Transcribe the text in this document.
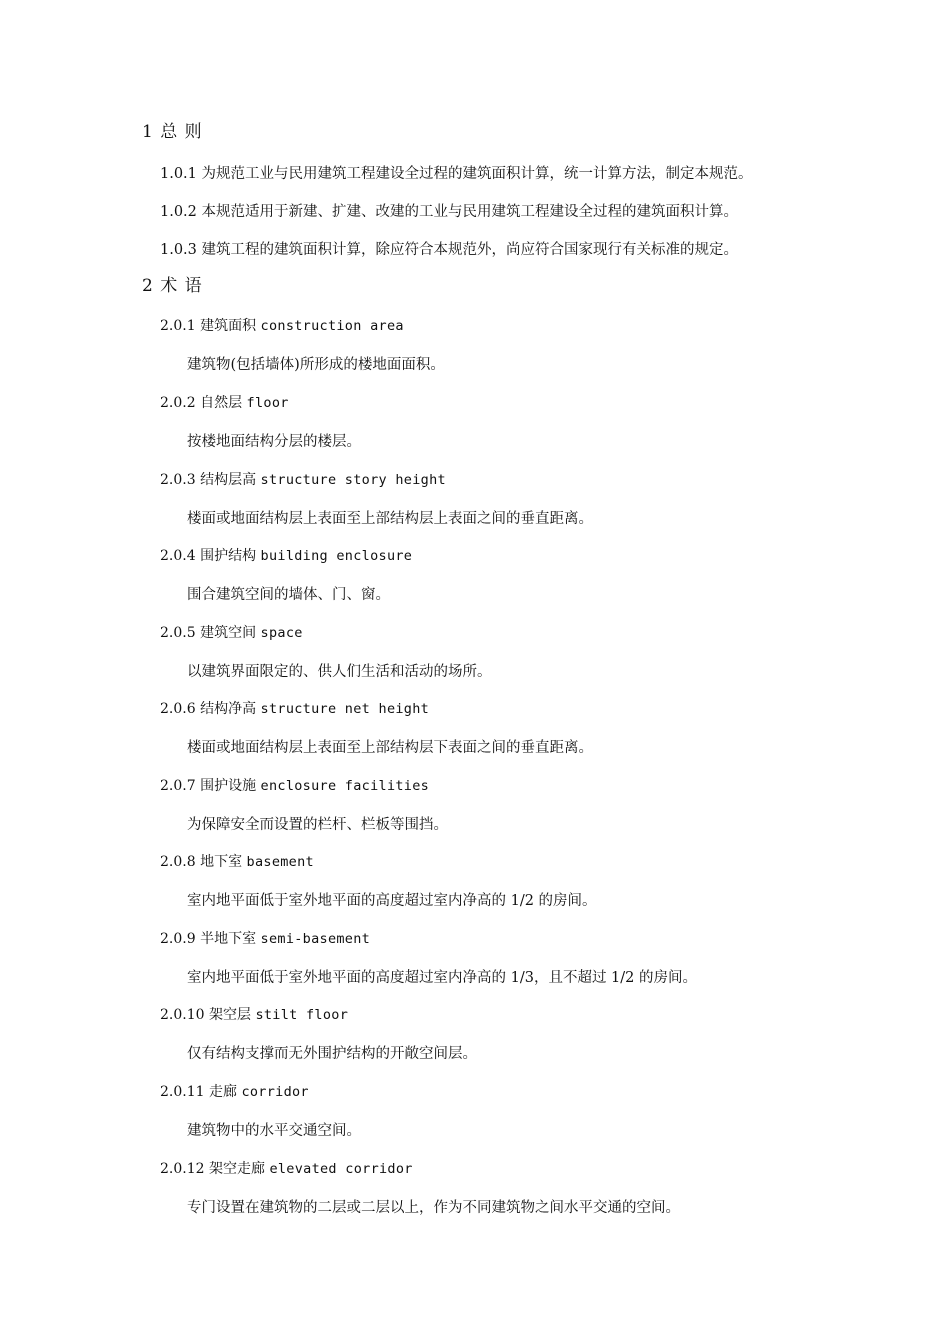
1 总 则
1.0.1 为规范工业与民用建筑工程建设全过程的建筑面积计算，统一计算方法，制定本规范。
1.0.2 本规范适用于新建、扩建、改建的工业与民用建筑工程建设全过程的建筑面积计算。
1.0.3 建筑工程的建筑面积计算，除应符合本规范外，尚应符合国家现行有关标准的规定。
2 术 语
2.0.1 建筑面积 construction area
建筑物(包括墙体)所形成的楼地面面积。
2.0.2 自然层 floor
按楼地面结构分层的楼层。
2.0.3 结构层高 structure story height
楼面或地面结构层上表面至上部结构层上表面之间的垂直距离。
2.0.4 围护结构 building enclosure
围合建筑空间的墙体、门、窗。
2.0.5 建筑空间 space
以建筑界面限定的、供人们生活和活动的场所。
2.0.6 结构净高 structure net height
楼面或地面结构层上表面至上部结构层下表面之间的垂直距离。
2.0.7 围护设施 enclosure facilities
为保障安全而设置的栏杆、栏板等围挡。
2.0.8 地下室 basement
室内地平面低于室外地平面的高度超过室内净高的 1/2 的房间。
2.0.9 半地下室 semi-basement
室内地平面低于室外地平面的高度超过室内净高的 1/3，且不超过 1/2 的房间。
2.0.10 架空层 stilt floor
仅有结构支撑而无外围护结构的开敞空间层。
2.0.11 走廊 corridor
建筑物中的水平交通空间。
2.0.12 架空走廊 elevated corridor
专门设置在建筑物的二层或二层以上，作为不同建筑物之间水平交通的空间。
